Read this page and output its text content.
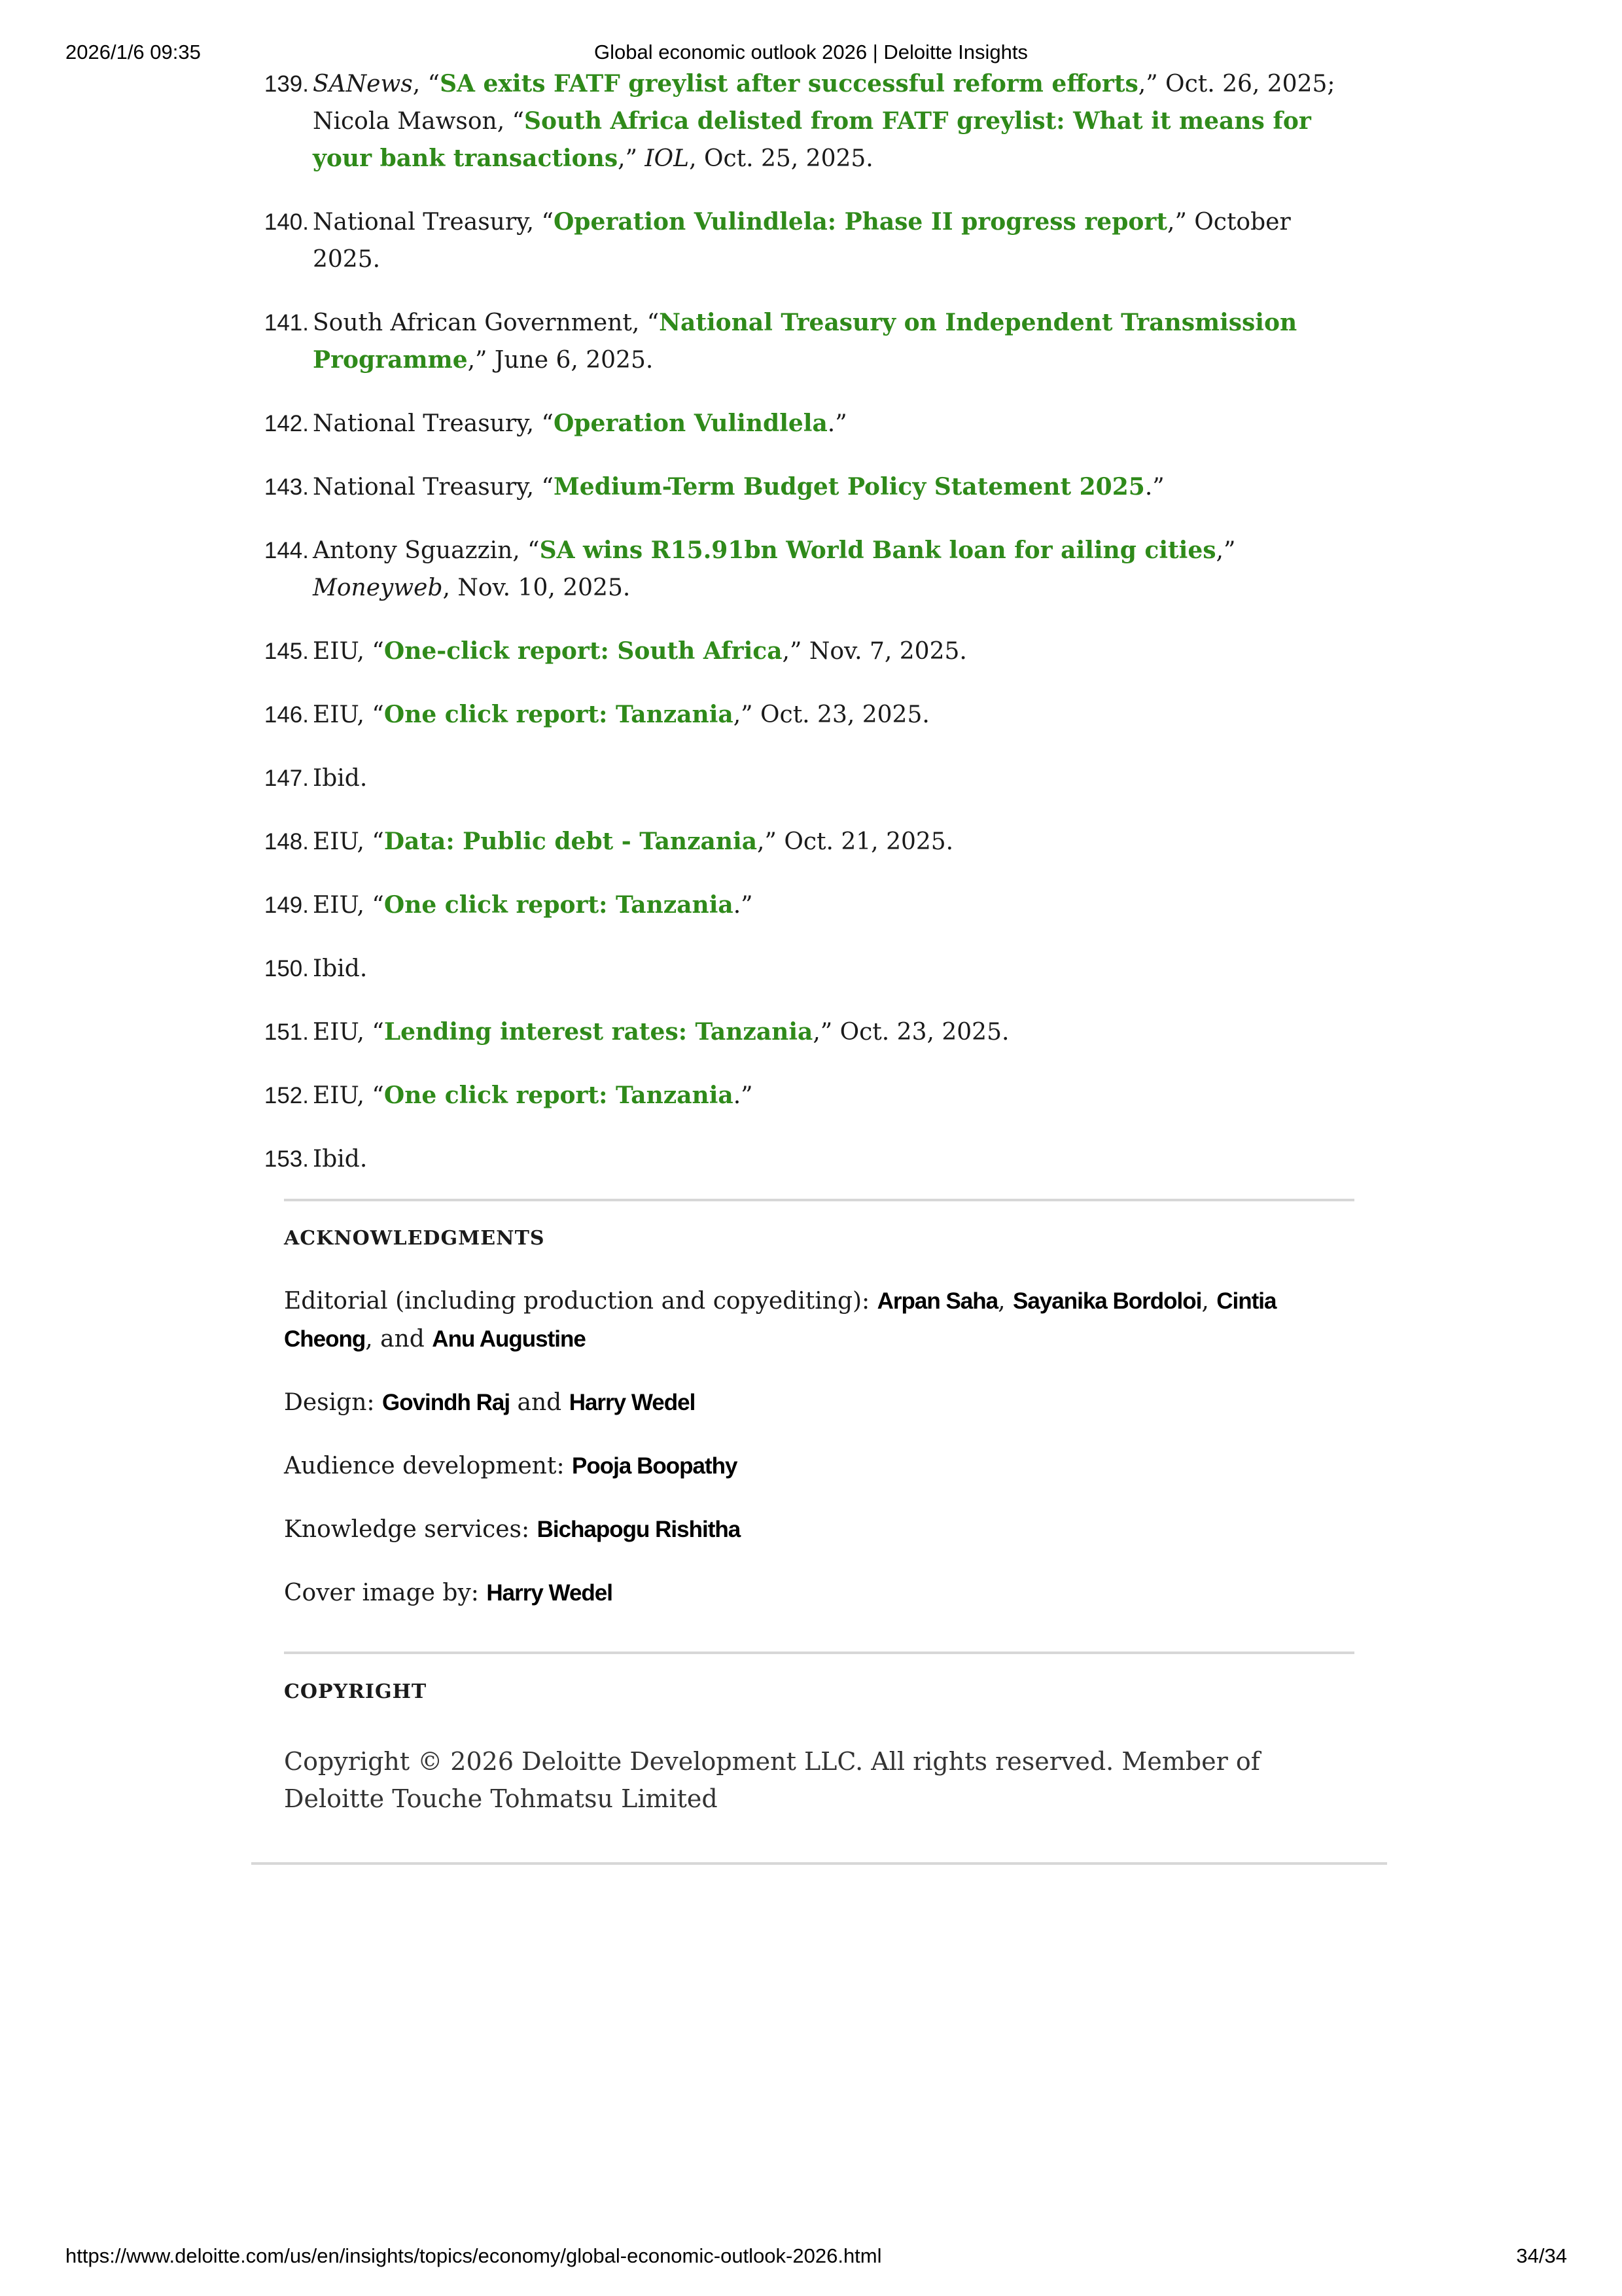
2026/1/6 09:35	Global economic outlook 2026 | Deloitte Insights
139. SANews, “SA exits FATF greylist after successful reform efforts,” Oct. 26, 2025; Nicola Mawson, “South Africa delisted from FATF greylist: What it means for your bank transactions,” IOL, Oct. 25, 2025.
140. National Treasury, “Operation Vulindlela: Phase II progress report,” October 2025.
141. South African Government, “National Treasury on Independent Transmission Programme,” June 6, 2025.
142. National Treasury, “Operation Vulindlela.”
143. National Treasury, “Medium-Term Budget Policy Statement 2025.”
144. Antony Sguazzin, “SA wins R15.91bn World Bank loan for ailing cities,” Moneyweb, Nov. 10, 2025.
145. EIU, “One-click report: South Africa,” Nov. 7, 2025.
146. EIU, “One click report: Tanzania,” Oct. 23, 2025.
147. Ibid.
148. EIU, “Data: Public debt - Tanzania,” Oct. 21, 2025.
149. EIU, “One click report: Tanzania.”
150. Ibid.
151. EIU, “Lending interest rates: Tanzania,” Oct. 23, 2025.
152. EIU, “One click report: Tanzania.”
153. Ibid.
ACKNOWLEDGMENTS

Editorial (including production and copyediting): Arpan Saha, Sayanika Bordoloi, Cintia Cheong, and Anu Augustine

Design: Govindh Raj and Harry Wedel

Audience development: Pooja Boopathy

Knowledge services: Bichapogu Rishitha

Cover image by: Harry Wedel

COPYRIGHT

Copyright © 2026 Deloitte Development LLC. All rights reserved. Member of Deloitte Touche Tohmatsu Limited

https://www.deloitte.com/us/en/insights/topics/economy/global-economic-outlook-2026.html	34/34
